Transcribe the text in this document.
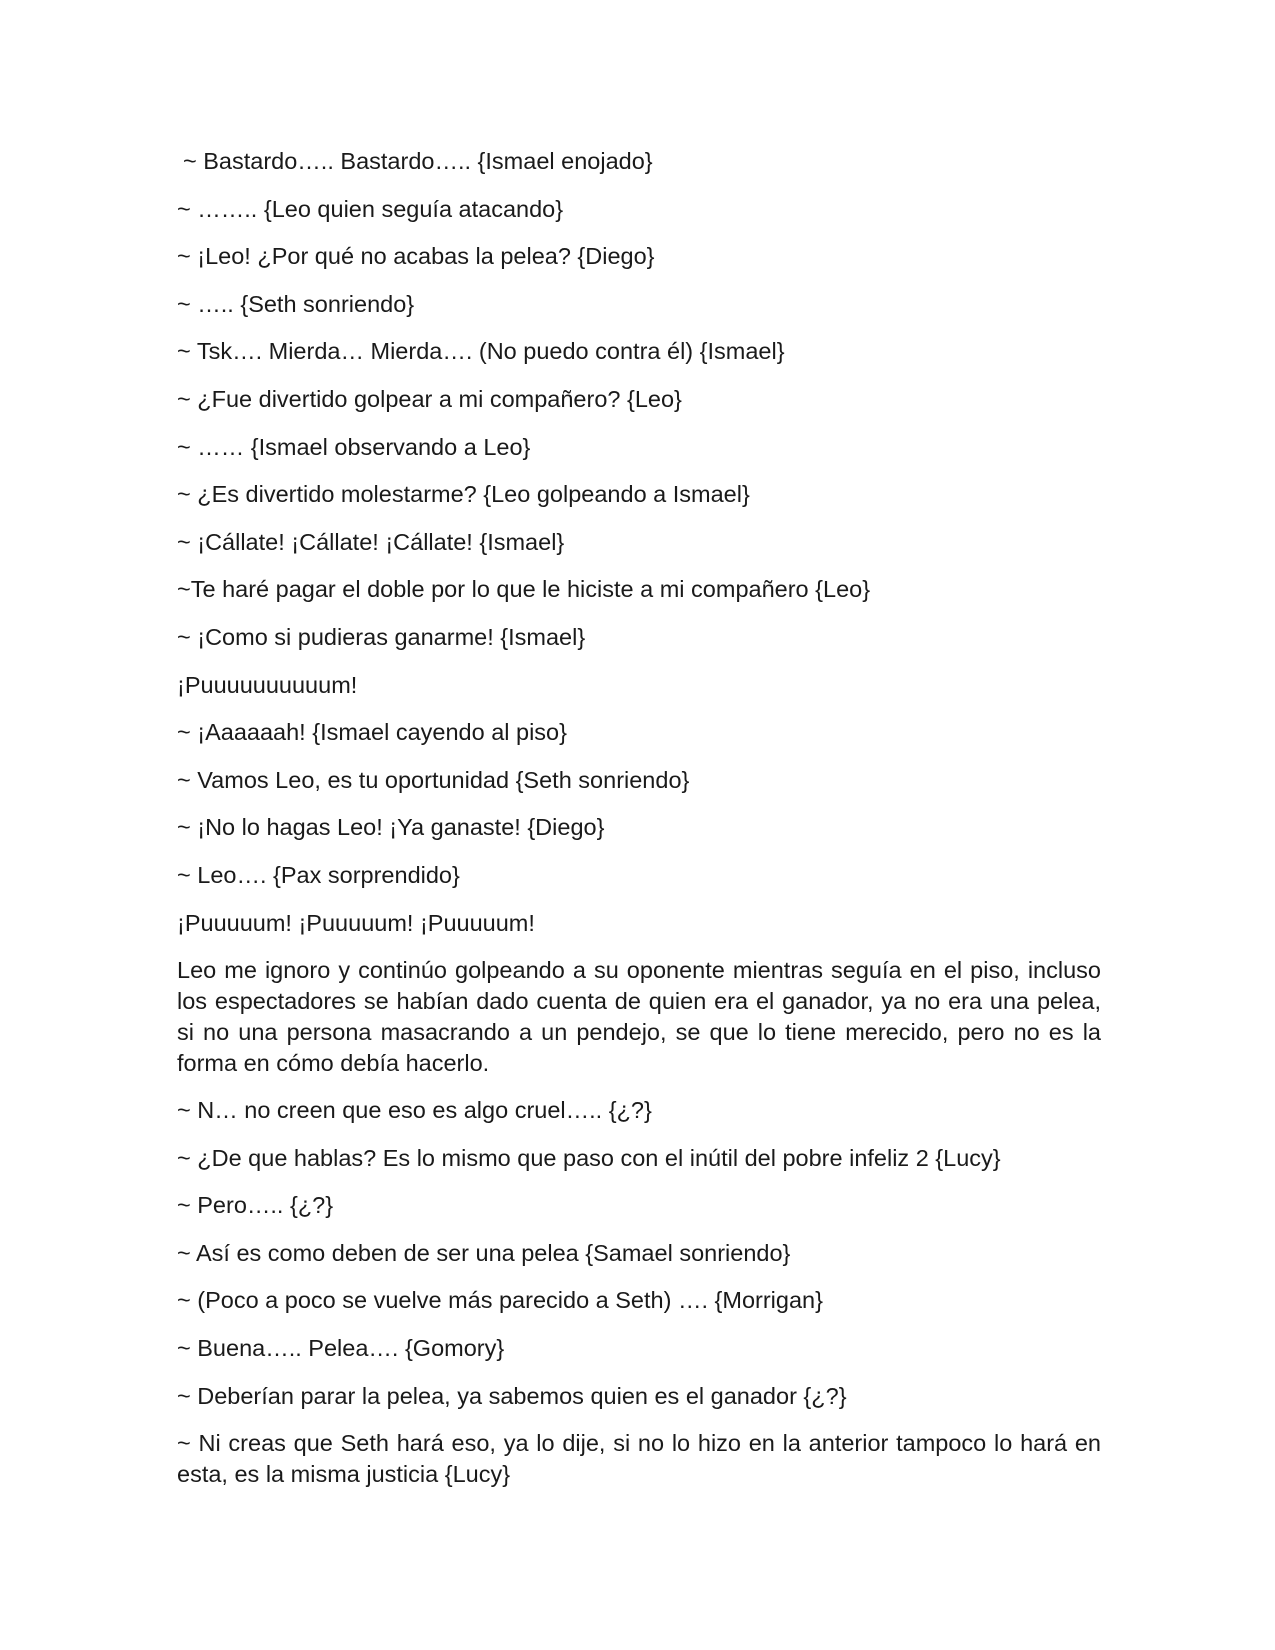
~ Bastardo….. Bastardo….. {Ismael enojado}

~ …….. {Leo quien seguía atacando}

~ ¡Leo! ¿Por qué no acabas la pelea? {Diego}

~ ….. {Seth sonriendo}

~ Tsk…. Mierda… Mierda…. (No puedo contra él) {Ismael}

~ ¿Fue divertido golpear a mi compañero? {Leo}

~ …… {Ismael observando a Leo}

~ ¿Es divertido molestarme? {Leo golpeando a Ismael}

~ ¡Cállate! ¡Cállate! ¡Cállate! {Ismael}

~Te haré pagar el doble por lo que le hiciste a mi compañero {Leo}

~ ¡Como si pudieras ganarme! {Ismael}

¡Puuuuuuuuuum!

~ ¡Aaaaaah! {Ismael cayendo al piso}

~ Vamos Leo, es tu oportunidad {Seth sonriendo}

~ ¡No lo hagas Leo! ¡Ya ganaste! {Diego}

~ Leo…. {Pax sorprendido}

¡Puuuuum! ¡Puuuuum! ¡Puuuuum!

Leo me ignoro y continúo golpeando a su oponente mientras seguía en el piso, incluso los espectadores se habían dado cuenta de quien era el ganador, ya no era una pelea, si no una persona masacrando a un pendejo, se que lo tiene merecido, pero no es la forma en cómo debía hacerlo.

~ N… no creen que eso es algo cruel….. {¿?}

~ ¿De que hablas? Es lo mismo que paso con el inútil del pobre infeliz 2 {Lucy}

~ Pero….. {¿?}

~ Así es como deben de ser una pelea {Samael sonriendo}

~ (Poco a poco se vuelve más parecido a Seth) …. {Morrigan}

~ Buena….. Pelea…. {Gomory}

~ Deberían parar la pelea, ya sabemos quien es el ganador {¿?}

~ Ni creas que Seth hará eso, ya lo dije, si no lo hizo en la anterior tampoco lo hará en esta, es la misma justicia {Lucy}
